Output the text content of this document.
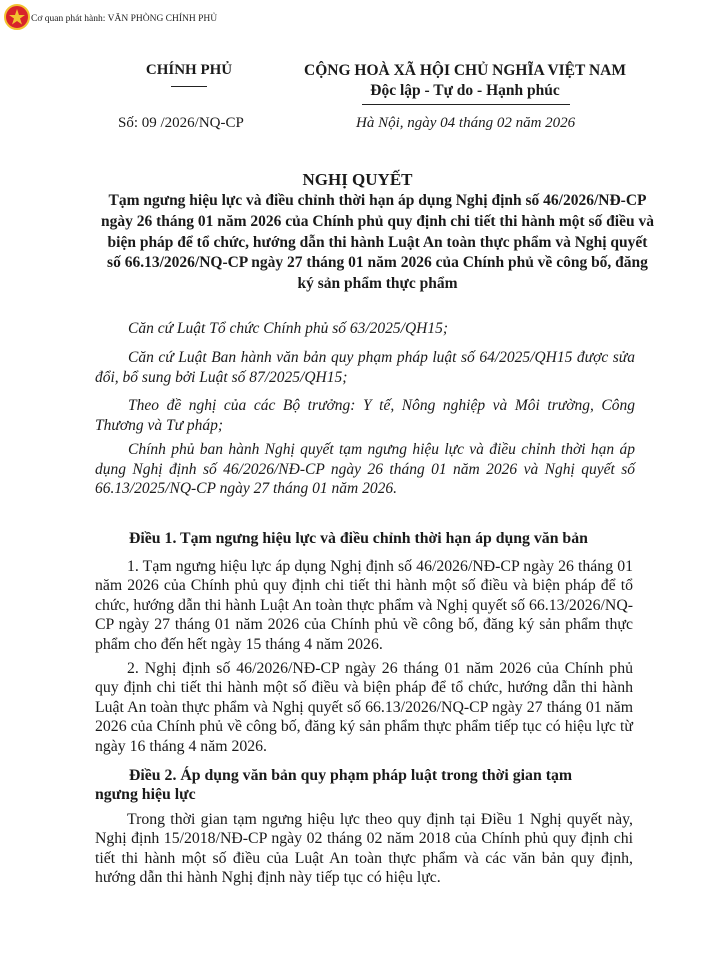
Cơ quan phát hành: VĂN PHÒNG CHÍNH PHỦ
CHÍNH PHỦ	CỘNG HOÀ XÃ HỘI CHỦ NGHĨA VIỆT NAM
Độc lập - Tự do - Hạnh phúc
Số: 09 /2026/NQ-CP	Hà Nội, ngày 04 tháng 02 năm 2026
NGHỊ QUYẾT
Tạm ngưng hiệu lực và điều chỉnh thời hạn áp dụng Nghị định số 46/2026/NĐ-CP ngày 26 tháng 01 năm 2026 của Chính phủ quy định chi tiết thi hành một số điều và biện pháp để tổ chức, hướng dẫn thi hành Luật An toàn thực phẩm và Nghị quyết số 66.13/2026/NQ-CP ngày 27 tháng 01 năm 2026 của Chính phủ về công bố, đăng ký sản phẩm thực phẩm
Căn cứ Luật Tổ chức Chính phủ số 63/2025/QH15;
Căn cứ Luật Ban hành văn bản quy phạm pháp luật số 64/2025/QH15 được sửa đổi, bổ sung bởi Luật số 87/2025/QH15;
Theo đề nghị của các Bộ trưởng: Y tế, Nông nghiệp và Môi trường, Công Thương và Tư pháp;
Chính phủ ban hành Nghị quyết tạm ngưng hiệu lực và điều chỉnh thời hạn áp dụng Nghị định số 46/2026/NĐ-CP ngày 26 tháng 01 năm 2026 và Nghị quyết số 66.13/2025/NQ-CP ngày 27 tháng 01 năm 2026.
Điều 1. Tạm ngưng hiệu lực và điều chỉnh thời hạn áp dụng văn bản
1. Tạm ngưng hiệu lực áp dụng Nghị định số 46/2026/NĐ-CP ngày 26 tháng 01 năm 2026 của Chính phủ quy định chi tiết thi hành một số điều và biện pháp để tổ chức, hướng dẫn thi hành Luật An toàn thực phẩm và Nghị quyết số 66.13/2026/NQ-CP ngày 27 tháng 01 năm 2026 của Chính phủ về công bố, đăng ký sản phẩm thực phẩm cho đến hết ngày 15 tháng 4 năm 2026.
2. Nghị định số 46/2026/NĐ-CP ngày 26 tháng 01 năm 2026 của Chính phủ quy định chi tiết thi hành một số điều và biện pháp để tổ chức, hướng dẫn thi hành Luật An toàn thực phẩm và Nghị quyết số 66.13/2026/NQ-CP ngày 27 tháng 01 năm 2026 của Chính phủ về công bố, đăng ký sản phẩm thực phẩm tiếp tục có hiệu lực từ ngày 16 tháng 4 năm 2026.
Điều 2. Áp dụng văn bản quy phạm pháp luật trong thời gian tạm
ngưng hiệu lực
Trong thời gian tạm ngưng hiệu lực theo quy định tại Điều 1 Nghị quyết này, Nghị định 15/2018/NĐ-CP ngày 02 tháng 02 năm 2018 của Chính phủ quy định chi tiết thi hành một số điều của Luật An toàn thực phẩm và các văn bản quy định, hướng dẫn thi hành Nghị định này tiếp tục có hiệu lực.
